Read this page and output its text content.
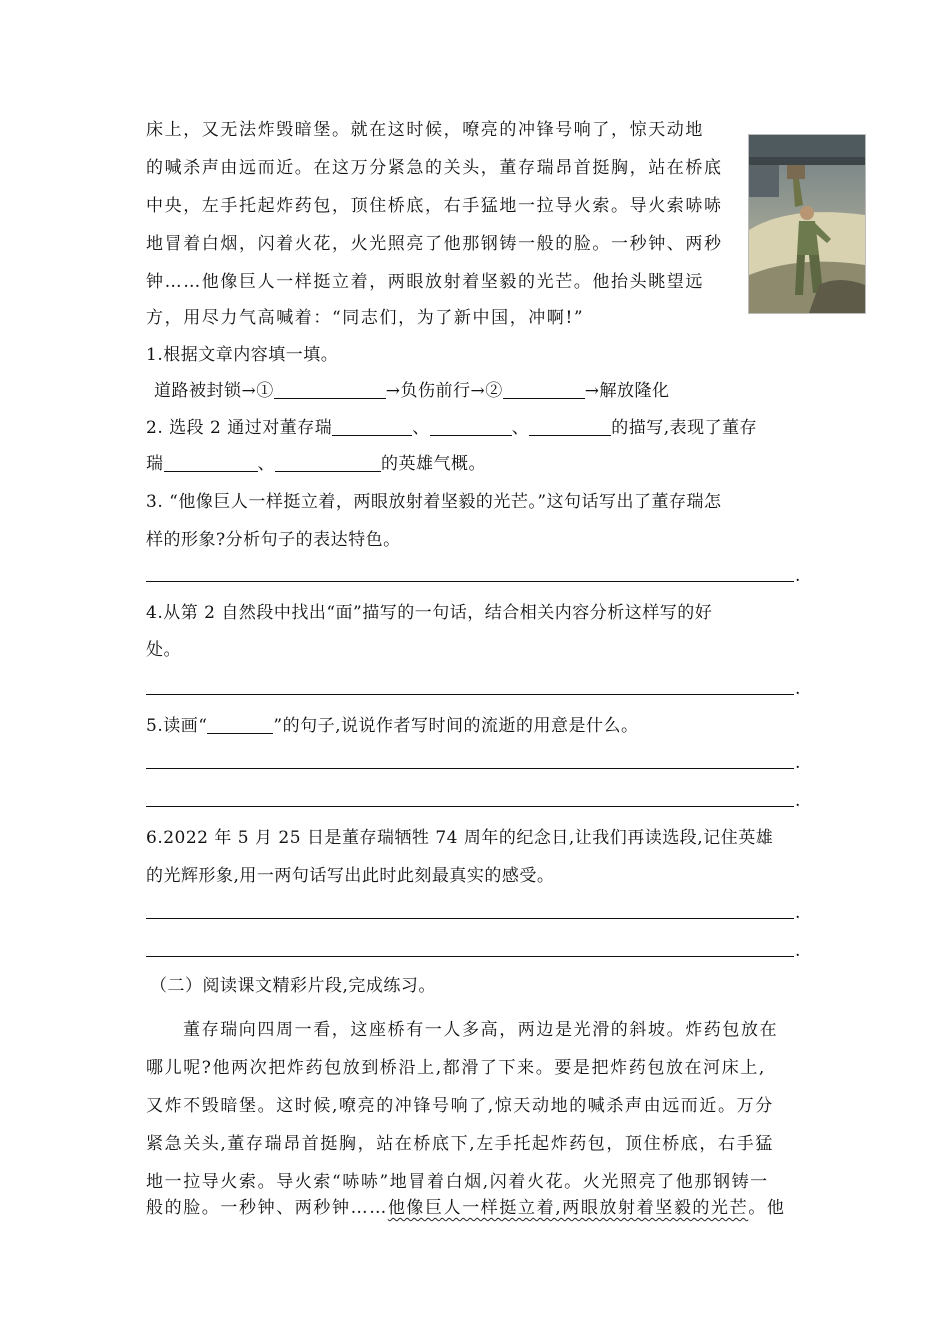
床上，又无法炸毁暗堡。就在这时候，嘹亮的冲锋号响了，惊天动地
的喊杀声由远而近。在这万分紧急的关头，董存瑞昂首挺胸，站在桥底
中央，左手托起炸药包，顶住桥底，右手猛地一拉导火索。导火索哧哧
地冒着白烟，闪着火花，火光照亮了他那钢铸一般的脸。一秒钟、两秒
钟……他像巨人一样挺立着，两眼放射着坚毅的光芒。他抬头眺望远
方，用尽力气高喊着：“同志们，为了新中国，冲啊!”
1.根据文章内容填一填。
道路被封锁→①	→负伤前行→②	→解放隆化
2. 选段 2 通过对董存瑞	、	、	的描写,表现了董存
瑞	、	的英雄气概。
3. “他像巨人一样挺立着，两眼放射着坚毅的光芒。”这句话写出了董存瑞怎
样的形象?分析句子的表达特色。
.
4.从第 2 自然段中找出“面”描写的一句话，结合相关内容分析这样写的好
处。
.
5.读画“	”的句子,说说作者写时间的流逝的用意是什么。
.
.
6.2022 年 5 月 25 日是董存瑞牺牲 74 周年的纪念日,让我们再读选段,记住英雄
的光辉形象,用一两句话写出此时此刻最真实的感受。
.
.
（二）阅读课文精彩片段,完成练习。
董存瑞向四周一看，这座桥有一人多高，两边是光滑的斜坡。炸药包放在
哪儿呢?他两次把炸药包放到桥沿上,都滑了下来。要是把炸药包放在河床上,
又炸不毁暗堡。这时候,嘹亮的冲锋号响了,惊天动地的喊杀声由远而近。万分
紧急关头,董存瑞昂首挺胸，站在桥底下,左手托起炸药包，顶住桥底，右手猛
地一拉导火索。导火索“哧哧”地冒着白烟,闪着火花。火光照亮了他那钢铸一
般的脸。一秒钟、两秒钟……他像巨人一样挺立着,两眼放射着坚毅的光芒。他
